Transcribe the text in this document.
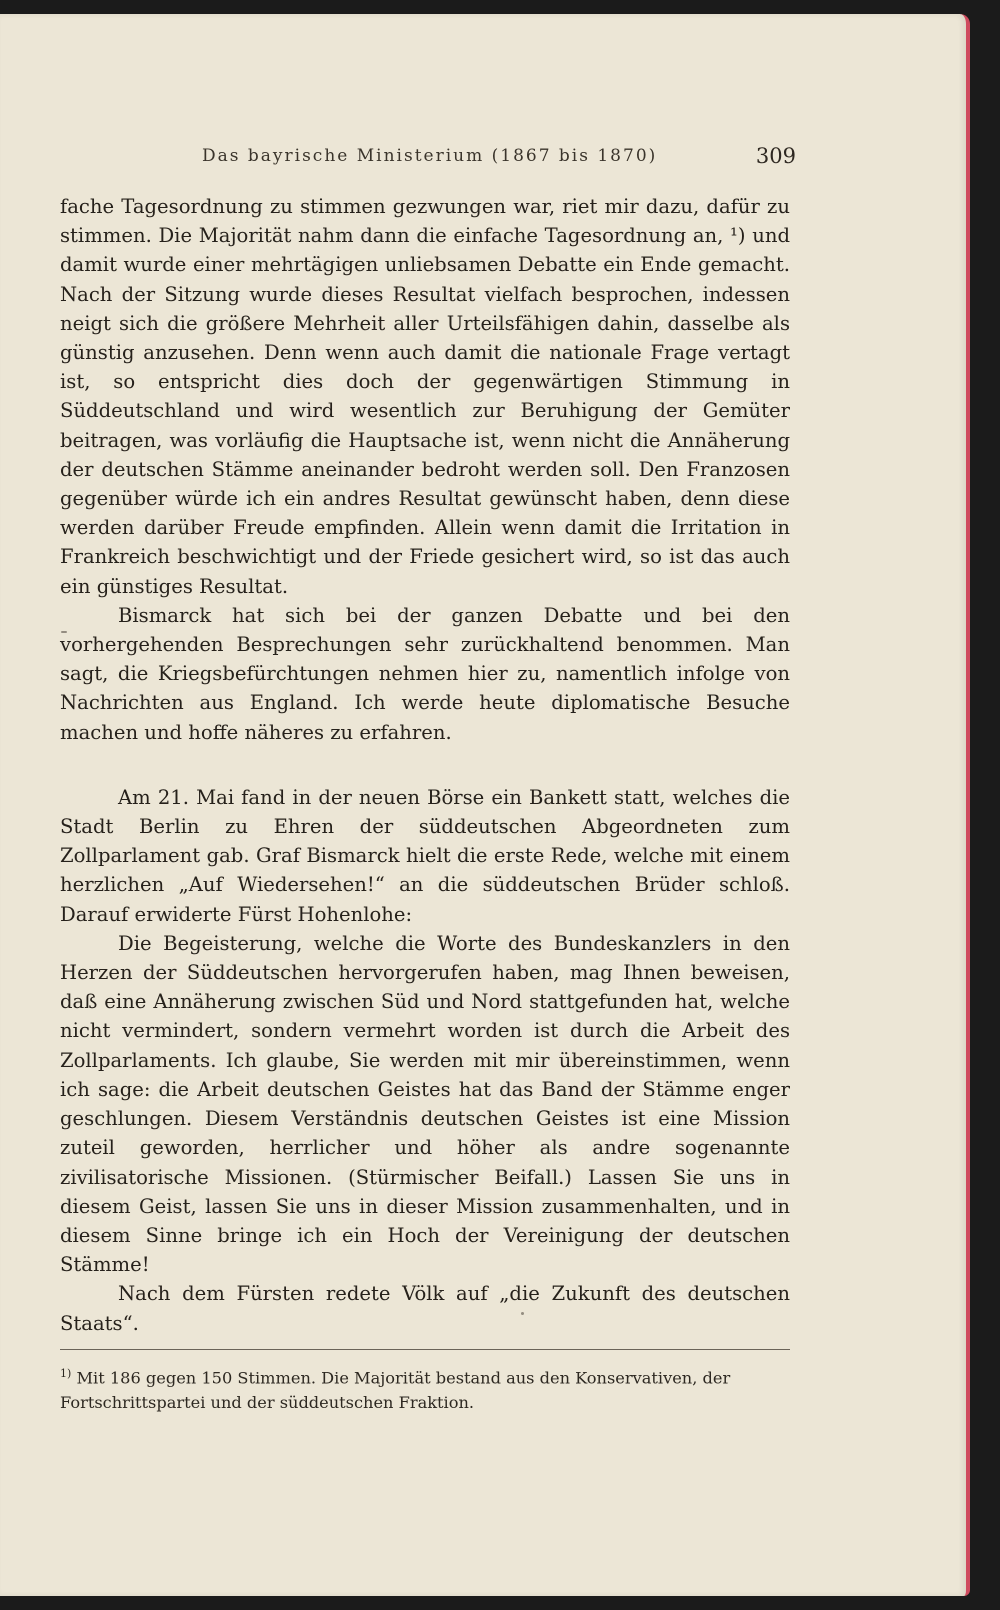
Das bayrische Ministerium (1867 bis 1870)	309

fache Tagesordnung zu stimmen gezwungen war, riet mir dazu, dafür zu stimmen. Die Majorität nahm dann die einfache Tagesordnung an, ¹) und damit wurde einer mehrtägigen unliebsamen Debatte ein Ende gemacht. Nach der Sitzung wurde dieses Resultat vielfach besprochen, indessen neigt sich die größere Mehrheit aller Urteilsfähigen dahin, dasselbe als günstig anzusehen. Denn wenn auch damit die nationale Frage vertagt ist, so entspricht dies doch der gegenwärtigen Stimmung in Süddeutschland und wird wesentlich zur Beruhigung der Gemüter beitragen, was vorläufig die Hauptsache ist, wenn nicht die Annäherung der deutschen Stämme aneinander bedroht werden soll. Den Franzosen gegenüber würde ich ein andres Resultat gewünscht haben, denn diese werden darüber Freude empfinden. Allein wenn damit die Irritation in Frankreich beschwichtigt und der Friede gesichert wird, so ist das auch ein günstiges Resultat.

Bismarck hat sich bei der ganzen Debatte und bei den vorhergehenden Besprechungen sehr zurückhaltend benommen. Man sagt, die Kriegsbefürchtungen nehmen hier zu, namentlich infolge von Nachrichten aus England. Ich werde heute diplomatische Besuche machen und hoffe näheres zu erfahren.

Am 21. Mai fand in der neuen Börse ein Bankett statt, welches die Stadt Berlin zu Ehren der süddeutschen Abgeordneten zum Zollparlament gab. Graf Bismarck hielt die erste Rede, welche mit einem herzlichen „Auf Wiedersehen!“ an die süddeutschen Brüder schloß. Darauf erwiderte Fürst Hohenlohe:

Die Begeisterung, welche die Worte des Bundeskanzlers in den Herzen der Süddeutschen hervorgerufen haben, mag Ihnen beweisen, daß eine Annäherung zwischen Süd und Nord stattgefunden hat, welche nicht vermindert, sondern vermehrt worden ist durch die Arbeit des Zollparlaments. Ich glaube, Sie werden mit mir übereinstimmen, wenn ich sage: die Arbeit deutschen Geistes hat das Band der Stämme enger geschlungen. Diesem Verständnis deutschen Geistes ist eine Mission zuteil geworden, herrlicher und höher als andre sogenannte zivilisatorische Missionen. (Stürmischer Beifall.) Lassen Sie uns in diesem Geist, lassen Sie uns in dieser Mission zusammenhalten, und in diesem Sinne bringe ich ein Hoch der Vereinigung der deutschen Stämme!

Nach dem Fürsten redete Völk auf „die Zukunft des deutschen Staats“.

$^{1)}$ Mit 186 gegen 150 Stimmen. Die Majorität bestand aus den Konservativen, der Fortschrittspartei und der süddeutschen Fraktion.
